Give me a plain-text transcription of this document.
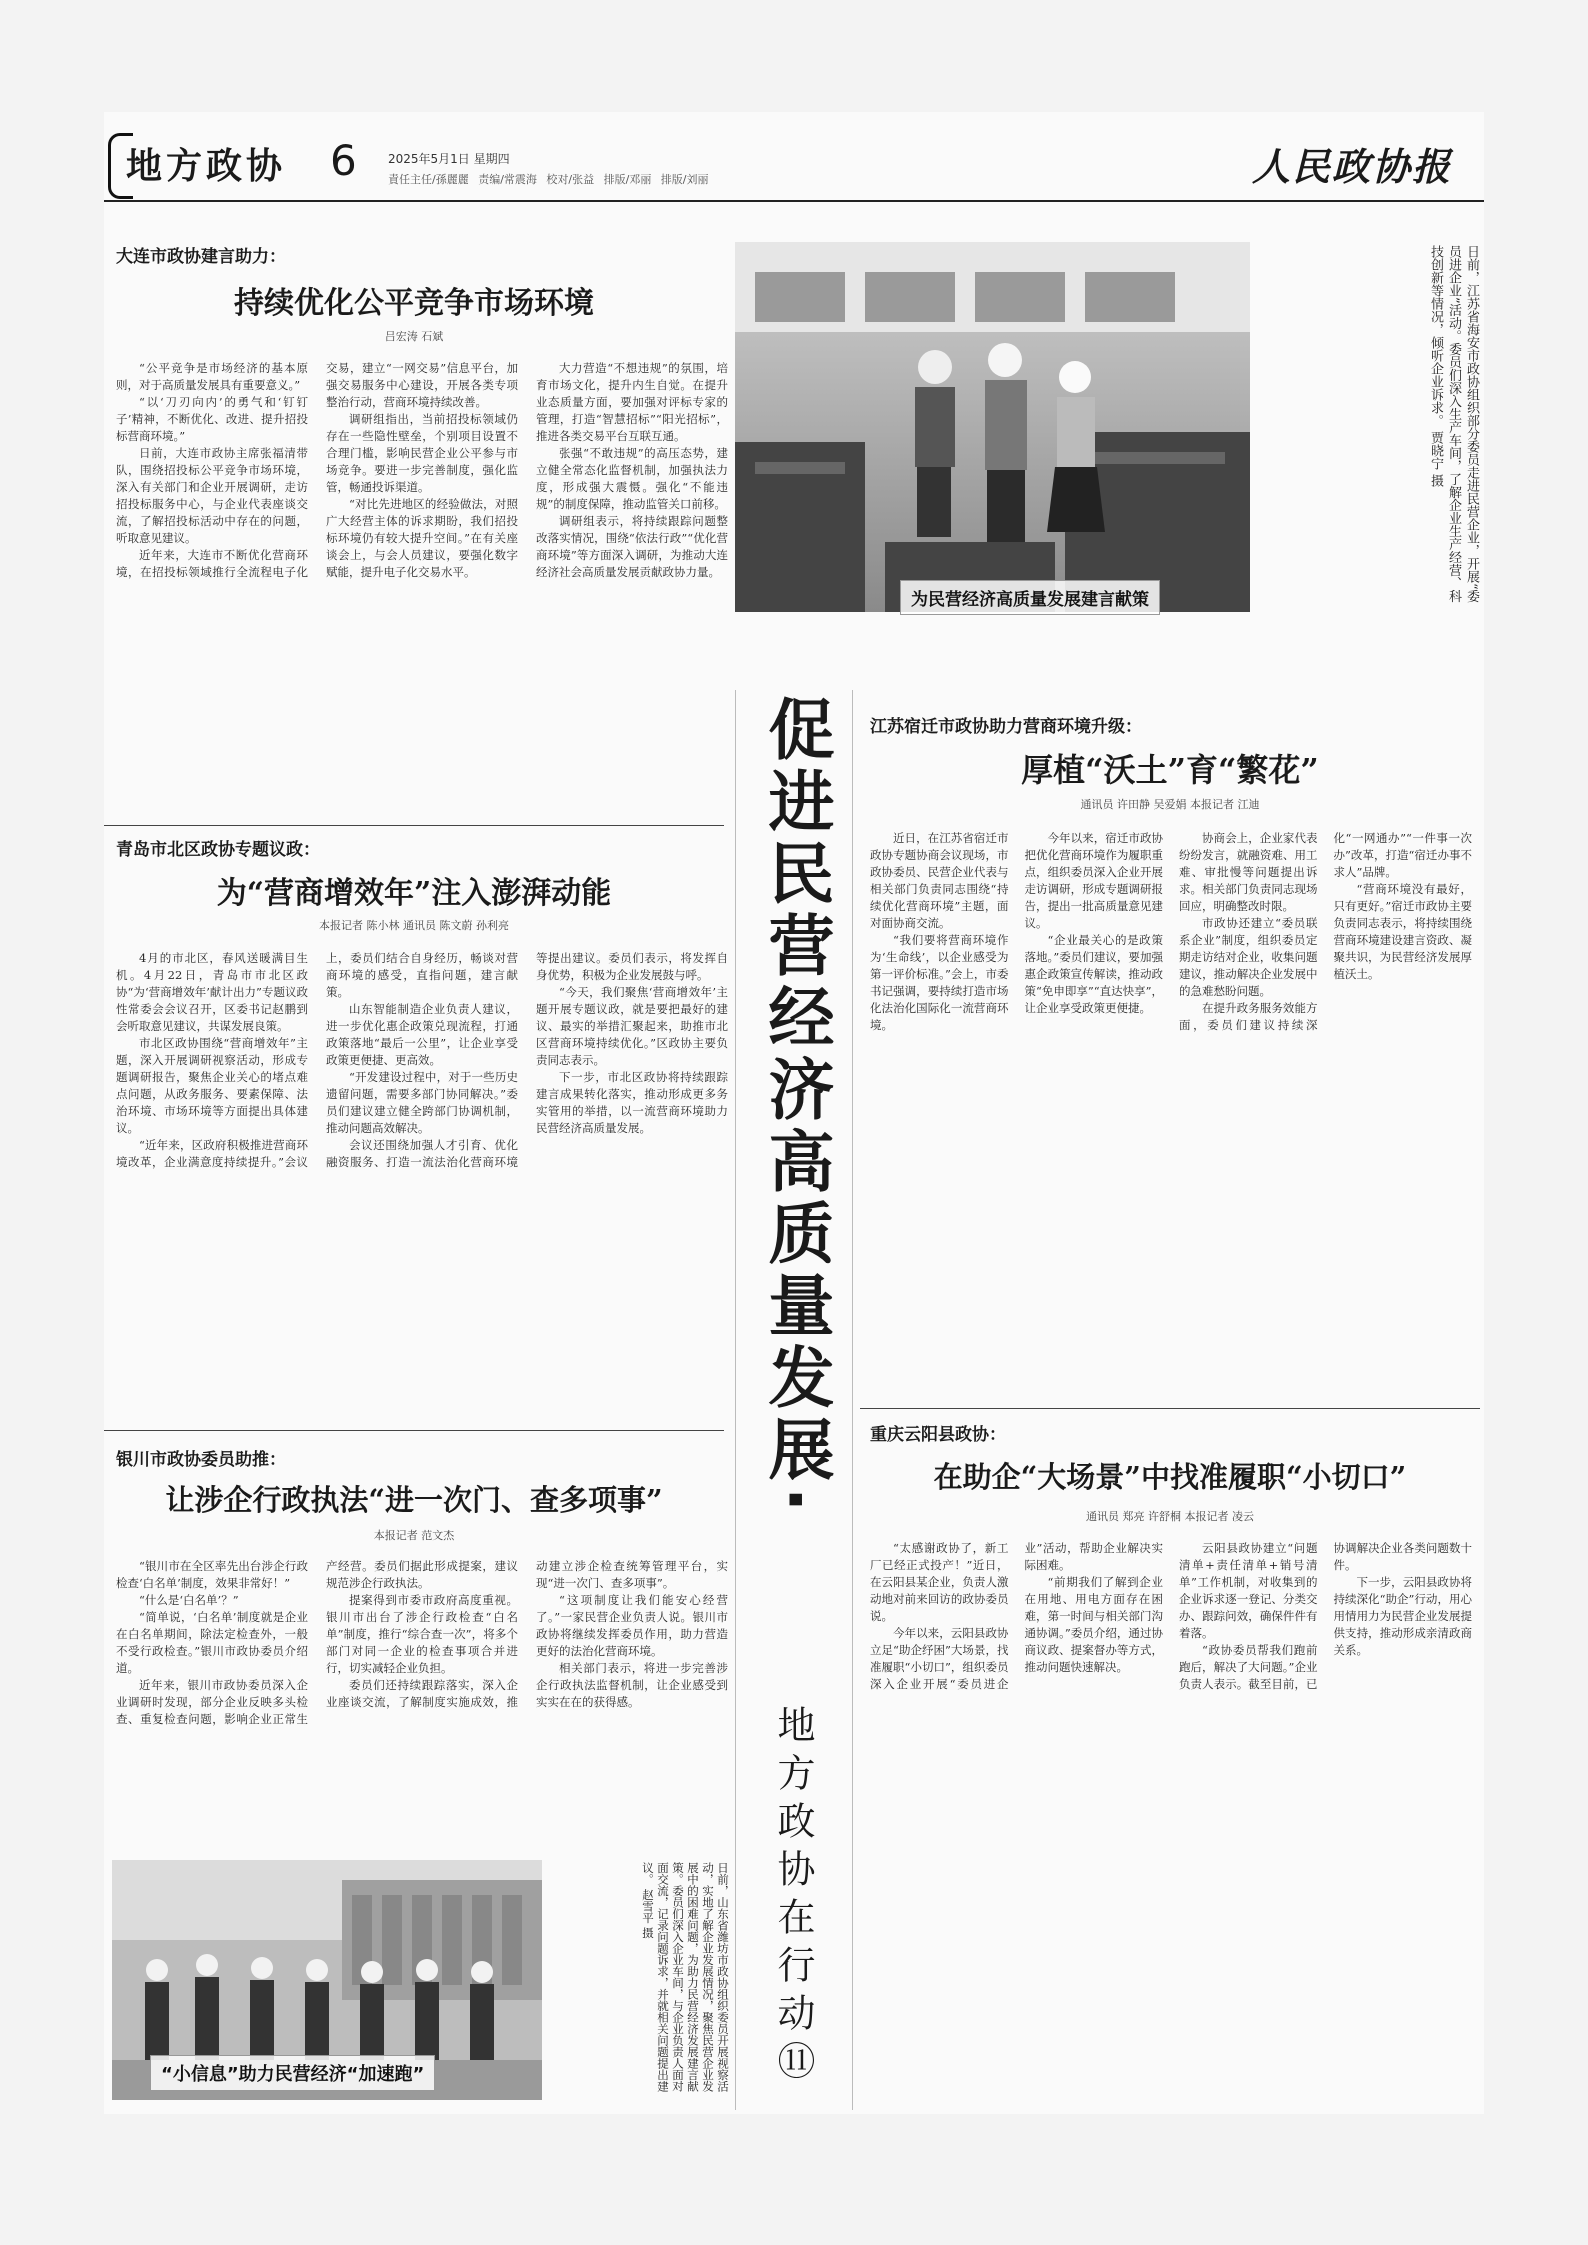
地方政协 6	2025年5月1日 星期四
責任主任/孫麗麗 责编/常震海 校对/张益 排版/邓丽 排版/刘丽	人民政协报
大连市政协建言助力：
持续优化公平竞争市场环境
吕宏涛 石斌

“公平竞争是市场经济的基本原则，对于高质量发展具有重要意义。”

“以‘刀刃向内’的勇气和‘钉钉子’精神，不断优化、改进、提升招投标营商环境。”

日前，大连市政协主席张福清带队，围绕招投标公平竞争市场环境，深入有关部门和企业开展调研，走访招投标服务中心，与企业代表座谈交流，了解招投标活动中存在的问题，听取意见建议。

近年来，大连市不断优化营商环境，在招投标领域推行全流程电子化交易，建立“一网交易”信息平台，加强交易服务中心建设，开展各类专项整治行动，营商环境持续改善。

调研组指出，当前招投标领域仍存在一些隐性壁垒，个别项目设置不合理门槛，影响民营企业公平参与市场竞争。要进一步完善制度，强化监管，畅通投诉渠道。

“对比先进地区的经验做法，对照广大经营主体的诉求期盼，我们招投标环境仍有较大提升空间。”在有关座谈会上，与会人员建议，要强化数字赋能，提升电子化交易水平。

大力营造“不想违规”的氛围，培育市场文化，提升内生自觉。在提升业态质量方面，要加强对评标专家的管理，打造“智慧招标”“阳光招标”，推进各类交易平台互联互通。

张强“不敢违规”的高压态势，建立健全常态化监督机制，加强执法力度，形成强大震慑。强化“不能违规”的制度保障，推动监管关口前移。

调研组表示，将持续跟踪问题整改落实情况，围绕“依法行政”“优化营商环境”等方面深入调研，为推动大连经济社会高质量发展贡献政协力量。

为民营经济高质量发展建言献策	日前，江苏省海安市政协组织部分委员走进民营企业，开展“委员进企业”活动。委员们深入生产车间，了解企业生产经营、科技创新等情况，倾听企业诉求。 贾晓宁 摄
促进民营经济高质量发展·
地方政协在行动⑪
青岛市北区政协专题议政：
为“营商增效年”注入澎湃动能
本报记者 陈小林 通讯员 陈文蔚 孙利亮

4月的市北区，春风送暖满目生机。4月22日，青岛市市北区政协“为‘营商增效年’献计出力”专题议政性常委会会议召开，区委书记赵鹏到会听取意见建议，共谋发展良策。

市北区政协围绕“营商增效年”主题，深入开展调研视察活动，形成专题调研报告，聚焦企业关心的堵点难点问题，从政务服务、要素保障、法治环境、市场环境等方面提出具体建议。

“近年来，区政府积极推进营商环境改革，企业满意度持续提升。”会议上，委员们结合自身经历，畅谈对营商环境的感受，直指问题，建言献策。

山东智能制造企业负责人建议，进一步优化惠企政策兑现流程，打通政策落地“最后一公里”，让企业享受政策更便捷、更高效。

“开发建设过程中，对于一些历史遗留问题，需要多部门协同解决。”委员们建议建立健全跨部门协调机制，推动问题高效解决。

会议还围绕加强人才引育、优化融资服务、打造一流法治化营商环境等提出建议。委员们表示，将发挥自身优势，积极为企业发展鼓与呼。

“今天，我们聚焦‘营商增效年’主题开展专题议政，就是要把最好的建议、最实的举措汇聚起来，助推市北区营商环境持续优化。”区政协主要负责同志表示。

下一步，市北区政协将持续跟踪建言成果转化落实，推动形成更多务实管用的举措，以一流营商环境助力民营经济高质量发展。

银川市政协委员助推：
让涉企行政执法“进一次门、查多项事”
本报记者 范文杰

“银川市在全区率先出台涉企行政检查‘白名单’制度，效果非常好！”

“什么是‘白名单’？”

“简单说，‘白名单’制度就是企业在白名单期间，除法定检查外，一般不受行政检查。”银川市政协委员介绍道。

近年来，银川市政协委员深入企业调研时发现，部分企业反映多头检查、重复检查问题，影响企业正常生产经营。委员们据此形成提案，建议规范涉企行政执法。

提案得到市委市政府高度重视。银川市出台了涉企行政检查“白名单”制度，推行“综合查一次”，将多个部门对同一企业的检查事项合并进行，切实减轻企业负担。

委员们还持续跟踪落实，深入企业座谈交流，了解制度实施成效，推动建立涉企检查统筹管理平台，实现“进一次门、查多项事”。

“这项制度让我们能安心经营了。”一家民营企业负责人说。银川市政协将继续发挥委员作用，助力营造更好的法治化营商环境。

相关部门表示，将进一步完善涉企行政执法监督机制，让企业感受到实实在在的获得感。

“小信息”助力民营经济“加速跑”	日前，山东省潍坊市政协组织委员开展视察活动，实地了解企业发展情况，聚焦民营企业发展中的困难问题，为助力民营经济发展建言献策。委员们深入企业车间，与企业负责人面对面交流，记录问题诉求，并就相关问题提出建议。 赵雪平 摄
江苏宿迁市政协助力营商环境升级：
厚植“沃土”育“繁花”
通讯员 许田静 吴爱娟 本报记者 江迪

近日，在江苏省宿迁市政协专题协商会议现场，市政协委员、民营企业代表与相关部门负责同志围绕“持续优化营商环境”主题，面对面协商交流。

“我们要将营商环境作为‘生命线’，以企业感受为第一评价标准。”会上，市委书记强调，要持续打造市场化法治化国际化一流营商环境。

今年以来，宿迁市政协把优化营商环境作为履职重点，组织委员深入企业开展走访调研，形成专题调研报告，提出一批高质量意见建议。

“企业最关心的是政策落地。”委员们建议，要加强惠企政策宣传解读，推动政策“免申即享”“直达快享”，让企业享受政策更便捷。

协商会上，企业家代表纷纷发言，就融资难、用工难、审批慢等问题提出诉求。相关部门负责同志现场回应，明确整改时限。

市政协还建立“委员联系企业”制度，组织委员定期走访结对企业，收集问题建议，推动解决企业发展中的急难愁盼问题。

在提升政务服务效能方面，委员们建议持续深化“一网通办”“一件事一次办”改革，打造“宿迁办事不求人”品牌。

“营商环境没有最好，只有更好。”宿迁市政协主要负责同志表示，将持续围绕营商环境建设建言资政、凝聚共识，为民营经济发展厚植沃土。

重庆云阳县政协：
在助企“大场景”中找准履职“小切口”
通讯员 郑亮 许舒桐 本报记者 凌云

“太感谢政协了，新工厂已经正式投产！”近日，在云阳县某企业，负责人激动地对前来回访的政协委员说。

今年以来，云阳县政协立足“助企纾困”大场景，找准履职“小切口”，组织委员深入企业开展“委员进企业”活动，帮助企业解决实际困难。

“前期我们了解到企业在用地、用电方面存在困难，第一时间与相关部门沟通协调。”委员介绍，通过协商议政、提案督办等方式，推动问题快速解决。

云阳县政协建立“问题清单+责任清单+销号清单”工作机制，对收集到的企业诉求逐一登记、分类交办、跟踪问效，确保件件有着落。

“政协委员帮我们跑前跑后，解决了大问题。”企业负责人表示。截至目前，已协调解决企业各类问题数十件。

下一步，云阳县政协将持续深化“助企”行动，用心用情用力为民营企业发展提供支持，推动形成亲清政商关系。
